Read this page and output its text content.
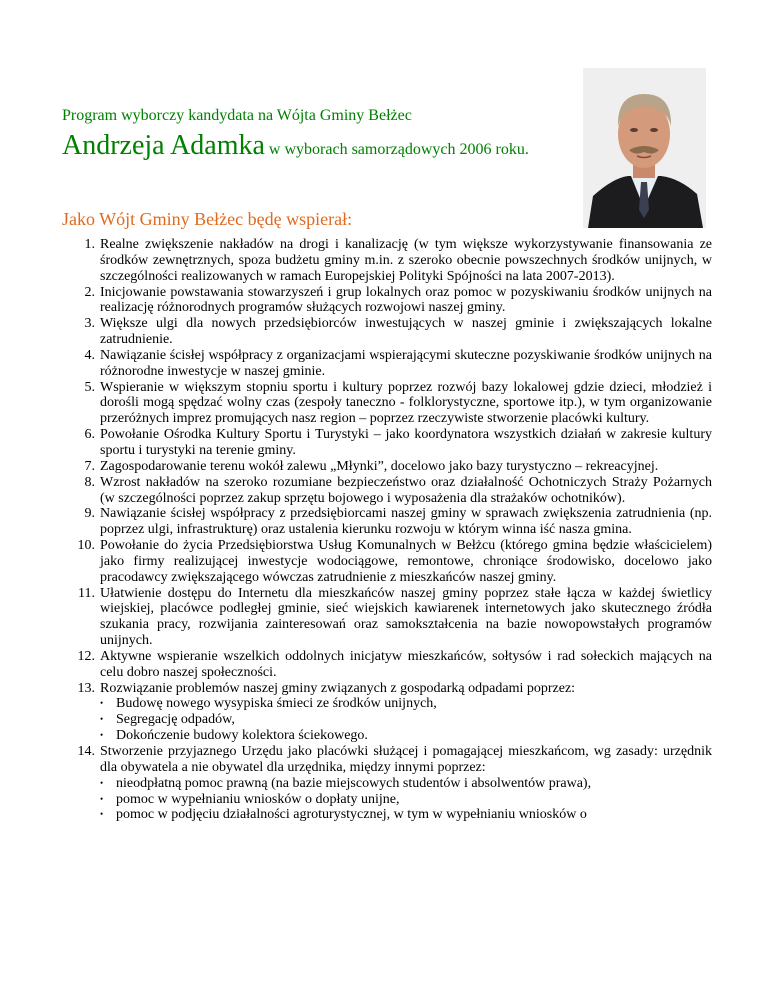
Program wyborczy kandydata na Wójta Gminy Bełżec
Andrzeja Adamka w wyborach samorządowych 2006 roku.
Jako Wójt Gminy Bełżec będę wspierał:
1. Realne zwiększenie nakładów na drogi i kanalizację (w tym większe wykorzystywanie finansowania ze środków zewnętrznych, spoza budżetu gminy m.in. z szeroko obecnie powszechnych środków unijnych, w szczególności realizowanych w ramach Europejskiej Polityki Spójności na lata 2007-2013).
2. Inicjowanie powstawania stowarzyszeń i grup lokalnych oraz pomoc w pozyskiwaniu środków unijnych na realizację różnorodnych programów służących rozwojowi naszej gminy.
3. Większe ulgi dla nowych przedsiębiorców inwestujących w naszej gminie i zwiększających lokalne zatrudnienie.
4. Nawiązanie ścisłej współpracy z organizacjami wspierającymi skuteczne pozyskiwanie środków unijnych na różnorodne inwestycje w naszej gminie.
5. Wspieranie w większym stopniu sportu i kultury poprzez rozwój bazy lokalowej gdzie dzieci, młodzież i dorośli mogą spędzać wolny czas (zespoły taneczno - folklorystyczne, sportowe itp.), w tym organizowanie przeróżnych imprez promujących nasz region – poprzez rzeczywiste stworzenie placówki kultury.
6. Powołanie Ośrodka Kultury Sportu i Turystyki – jako koordynatora wszystkich działań w zakresie kultury sportu i turystyki na terenie gminy.
7. Zagospodarowanie terenu wokół zalewu „Młynki”, docelowo jako bazy turystyczno – rekreacyjnej.
8. Wzrost nakładów na szeroko rozumiane bezpieczeństwo oraz działalność Ochotniczych Straży Pożarnych (w szczególności poprzez zakup sprzętu bojowego i wyposażenia dla strażaków ochotników).
9. Nawiązanie ścisłej współpracy z przedsiębiorcami naszej gminy w sprawach zwiększenia zatrudnienia (np. poprzez ulgi, infrastrukturę) oraz ustalenia kierunku rozwoju w którym winna iść nasza gmina.
10. Powołanie do życia Przedsiębiorstwa Usług Komunalnych w Bełżcu (którego gmina będzie właścicielem) jako firmy realizującej inwestycje wodociągowe, remontowe, chroniące środowisko, docelowo jako pracodawcy zwiększającego wówczas zatrudnienie z mieszkańców naszej gminy.
11. Ułatwienie dostępu do Internetu dla mieszkańców naszej gminy poprzez stałe łącza w każdej świetlicy wiejskiej, placówce podległej gminie, sieć wiejskich kawiarenek internetowych jako skutecznego źródła szukania pracy, rozwijania zainteresowań oraz samokształcenia na bazie nowopowstałych programów unijnych.
12. Aktywne wspieranie wszelkich oddolnych inicjatyw mieszkańców, sołtysów i rad sołeckich mających na celu dobro naszej społeczności.
13. Rozwiązanie problemów naszej gminy związanych z gospodarką odpadami poprzez:
• Budowę nowego wysypiska śmieci ze środków unijnych,
• Segregację odpadów,
• Dokończenie budowy kolektora ściekowego.
14. Stworzenie przyjaznego Urzędu jako placówki służącej i pomagającej mieszkańcom, wg zasady: urzędnik dla obywatela a nie obywatel dla urzędnika, między innymi poprzez:
• nieodpłatną pomoc prawną (na bazie miejscowych studentów i absolwentów prawa),
• pomoc w wypełnianiu wniosków o dopłaty unijne,
• pomoc w podjęciu działalności agroturystycznej, w tym w wypełnianiu wniosków o
